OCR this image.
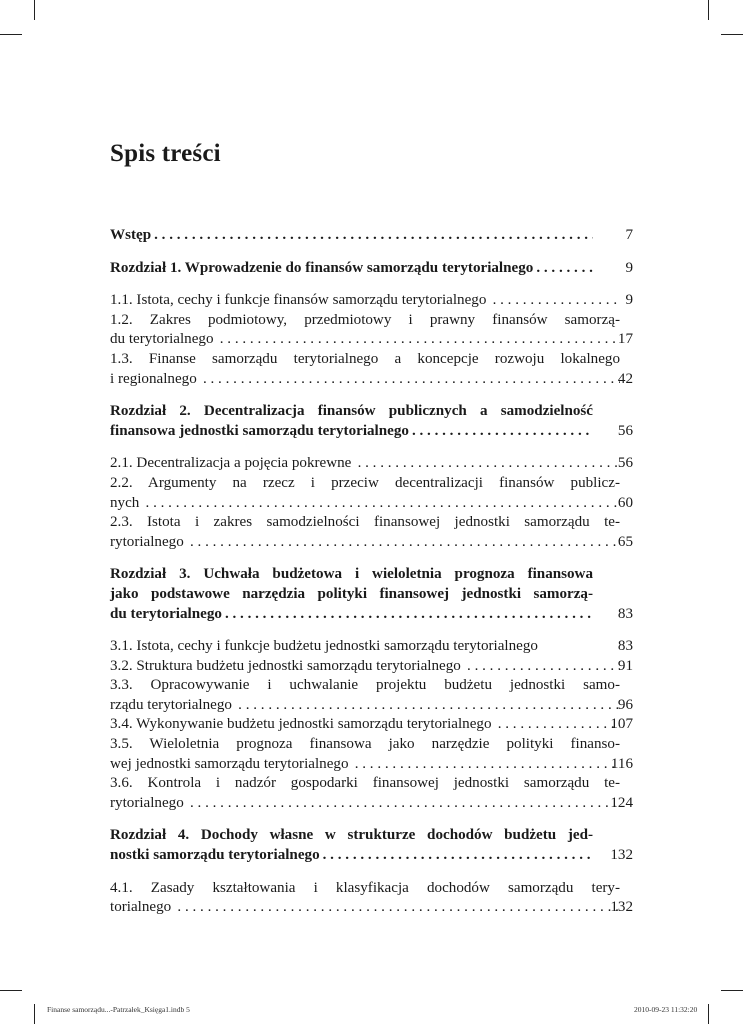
Spis treści
Wstęp . . .	7
Rozdział 1. Wprowadzenie do finansów samorządu terytorialnego . . .	9
1.1. Istota, cechy i funkcje finansów samorządu terytorialnego . . .	9
1.2. Zakres podmiotowy, przedmiotowy i prawny finansów samorzą-
du terytorialnego . . .	17
1.3. Finanse samorządu terytorialnego a koncepcje rozwoju lokalnego
i regionalnego . . .	42
Rozdział 2. Decentralizacja finansów publicznych a samodzielność
finansowa jednostki samorządu terytorialnego . . .	56
2.1. Decentralizacja a pojęcia pokrewne . . .	56
2.2. Argumenty na rzecz i przeciw decentralizacji finansów publicz-
nych . . .	60
2.3. Istota i zakres samodzielności finansowej jednostki samorządu te-
rytorialnego . . .	65
Rozdział 3. Uchwała budżetowa i wieloletnia prognoza finansowa
jako podstawowe narzędzia polityki finansowej jednostki samorzą-
du terytorialnego . . .	83
3.1. Istota, cechy i funkcje budżetu jednostki samorządu terytorialnego	83
3.2. Struktura budżetu jednostki samorządu terytorialnego . . .	91
3.3. Opracowywanie i uchwalanie projektu budżetu jednostki samo-
rządu terytorialnego . . .	96
3.4. Wykonywanie budżetu jednostki samorządu terytorialnego . . .	107
3.5. Wieloletnia prognoza finansowa jako narzędzie polityki finanso-
wej jednostki samorządu terytorialnego . . .	116
3.6. Kontrola i nadzór gospodarki finansowej jednostki samorządu te-
rytorialnego . . .	124
Rozdział 4. Dochody własne w strukturze dochodów budżetu jed-
nostki samorządu terytorialnego . . .	132
4.1. Zasady kształtowania i klasyfikacja dochodów samorządu tery-
torialnego . . .	132
Finanse samorządu...-Patrzałek_Księga1.indb 5	2010-09-23 11:32:20
